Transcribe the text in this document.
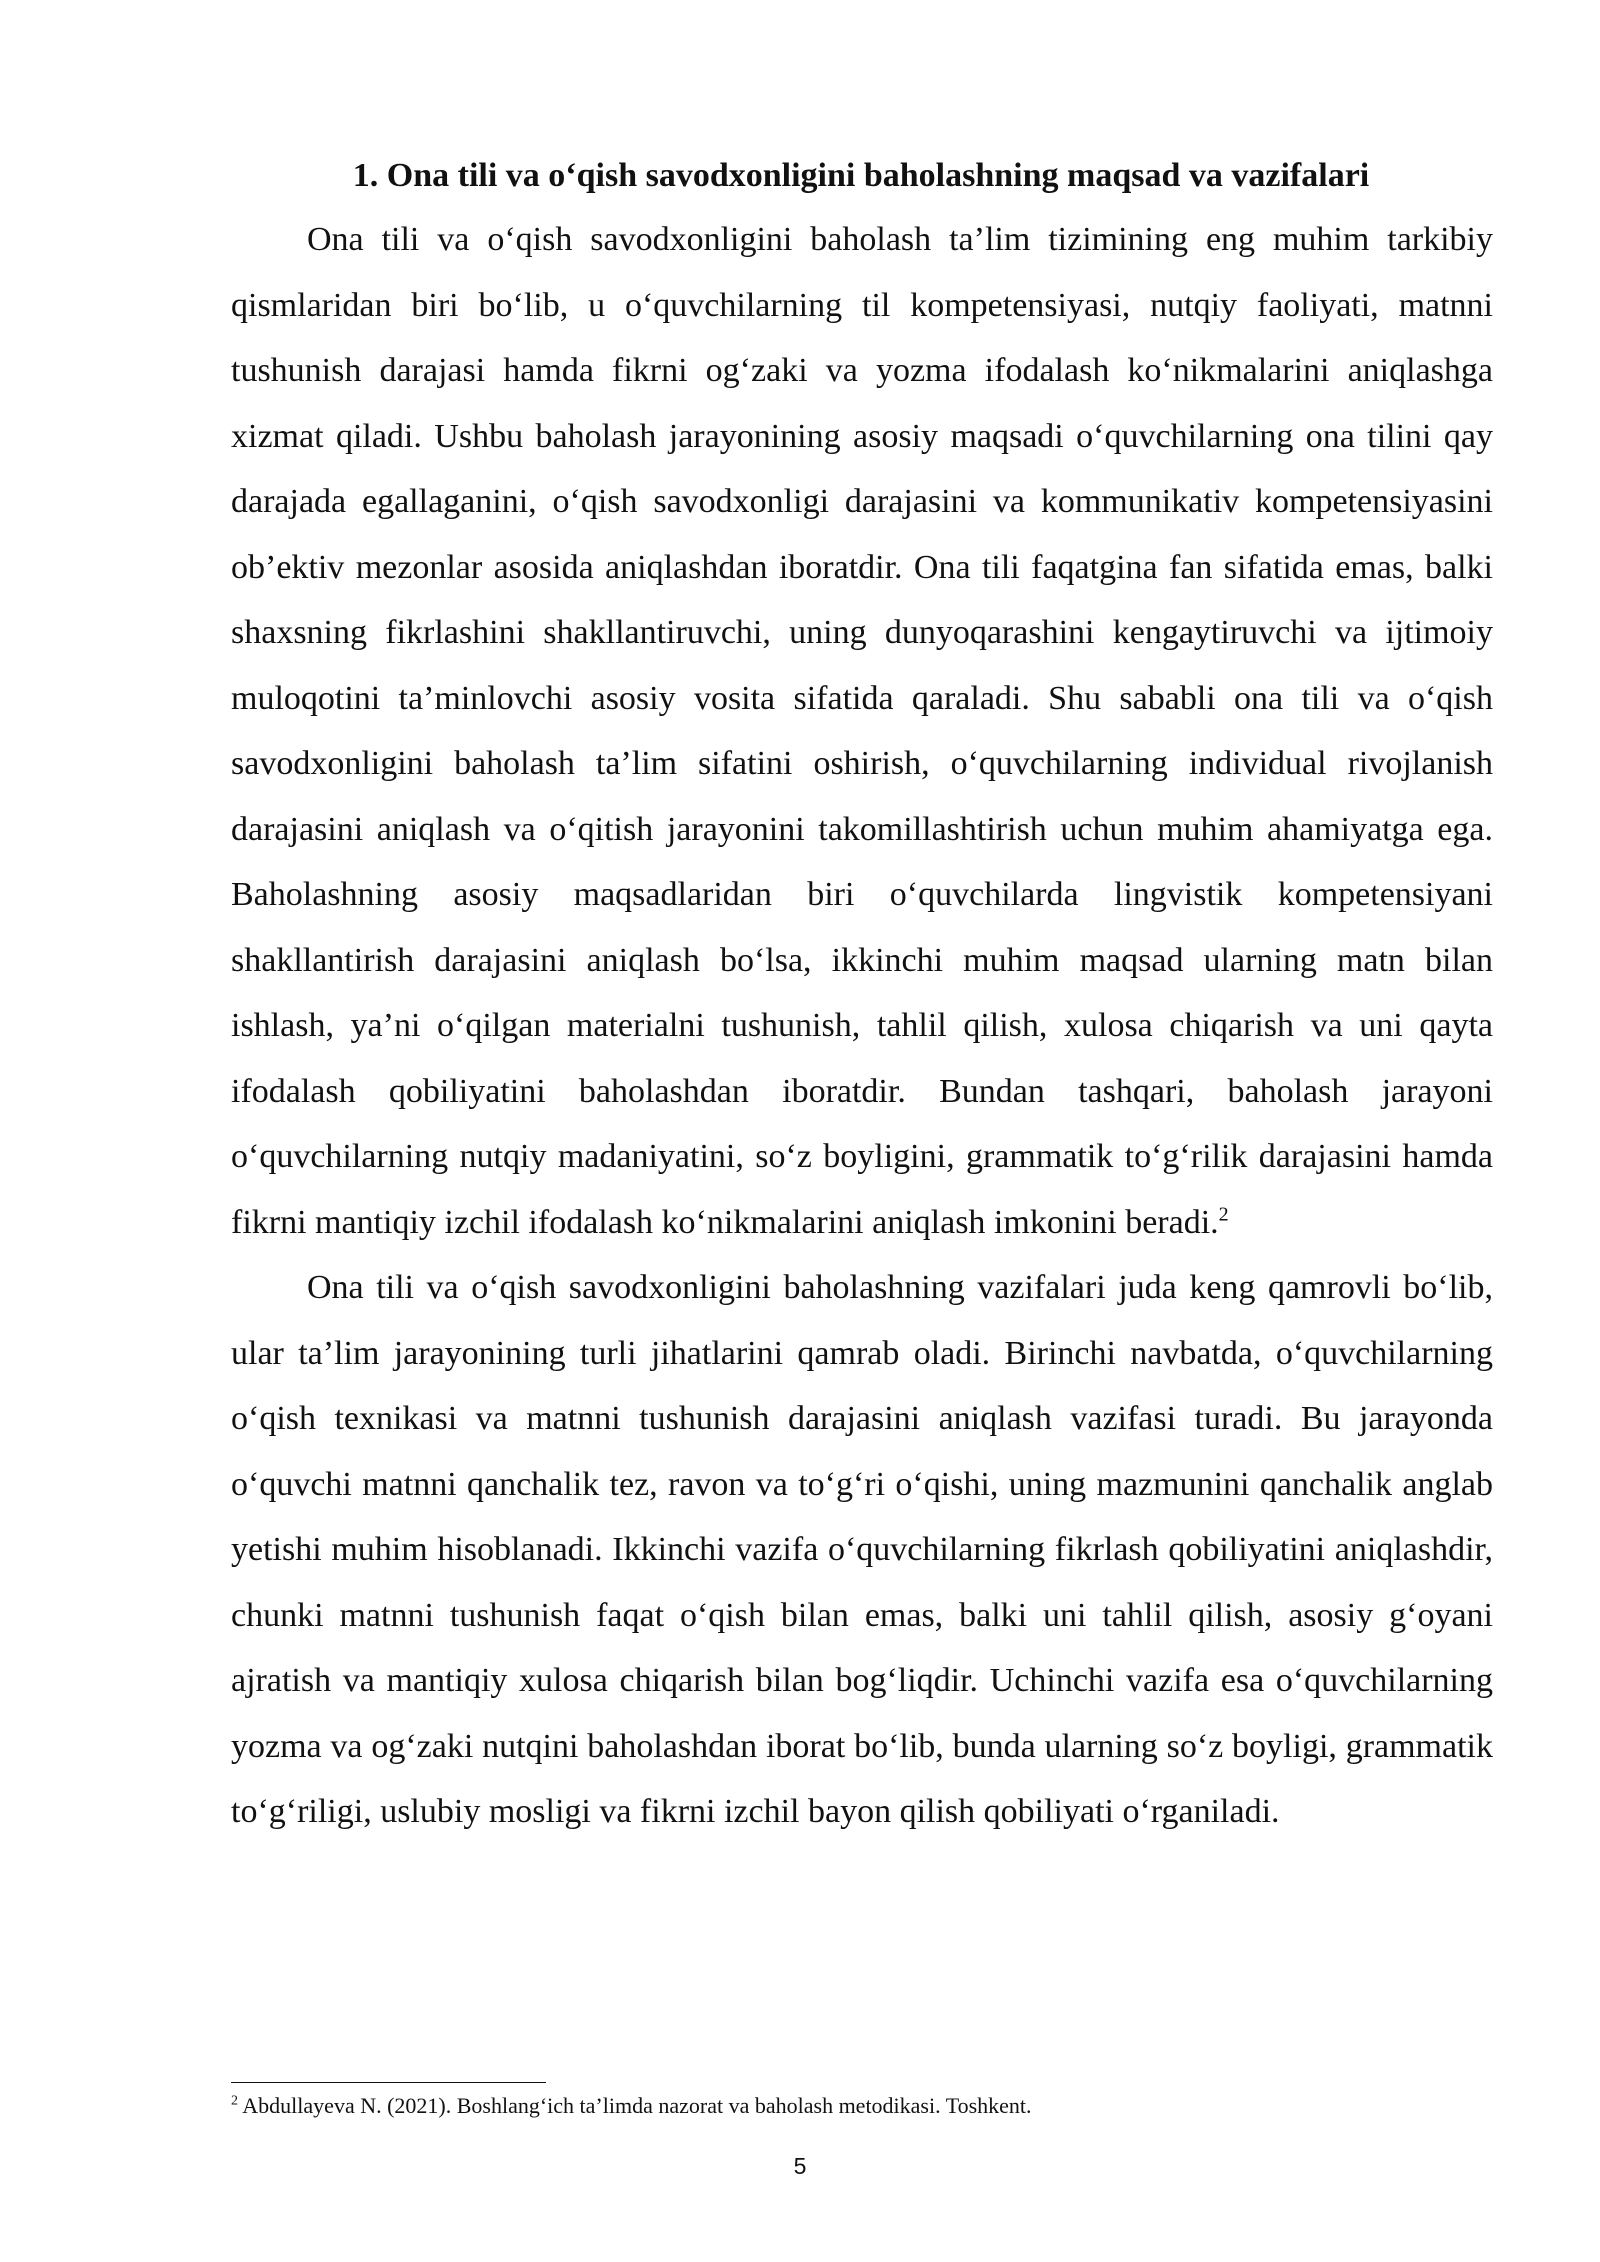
1. Ona tili va o‘qish savodxonligini baholashning maqsad va vazifalari

Ona tili va o‘qish savodxonligini baholash ta’lim tizimining eng muhim tarkibiy qismlaridan biri bo‘lib, u o‘quvchilarning til kompetensiyasi, nutqiy faoliyati, matnni tushunish darajasi hamda fikrni og‘zaki va yozma ifodalash ko‘nikmalarini aniqlashga xizmat qiladi. Ushbu baholash jarayonining asosiy maqsadi o‘quvchilarning ona tilini qay darajada egallaganini, o‘qish savodxonligi darajasini va kommunikativ kompetensiyasini ob’ektiv mezonlar asosida aniqlashdan iboratdir. Ona tili faqatgina fan sifatida emas, balki shaxsning fikrlashini shakllantiruvchi, uning dunyoqarashini kengaytiruvchi va ijtimoiy muloqotini ta’minlovchi asosiy vosita sifatida qaraladi. Shu sababli ona tili va o‘qish savodxonligini baholash ta’lim sifatini oshirish, o‘quvchilarning individual rivojlanish darajasini aniqlash va o‘qitish jarayonini takomillashtirish uchun muhim ahamiyatga ega. Baholashning asosiy maqsadlaridan biri o‘quvchilarda lingvistik kompetensiyani shakllantirish darajasini aniqlash bo‘lsa, ikkinchi muhim maqsad ularning matn bilan ishlash, ya’ni o‘qilgan materialni tushunish, tahlil qilish, xulosa chiqarish va uni qayta ifodalash qobiliyatini baholashdan iboratdir. Bundan tashqari, baholash jarayoni o‘quvchilarning nutqiy madaniyatini, so‘z boyligini, grammatik to‘g‘rilik darajasini hamda fikrni mantiqiy izchil ifodalash ko‘nikmalarini aniqlash imkonini beradi.$^2$

Ona tili va o‘qish savodxonligini baholashning vazifalari juda keng qamrovli bo‘lib, ular ta’lim jarayonining turli jihatlarini qamrab oladi. Birinchi navbatda, o‘quvchilarning o‘qish texnikasi va matnni tushunish darajasini aniqlash vazifasi turadi. Bu jarayonda o‘quvchi matnni qanchalik tez, ravon va to‘g‘ri o‘qishi, uning mazmunini qanchalik anglab yetishi muhim hisoblanadi. Ikkinchi vazifa o‘quvchilarning fikrlash qobiliyatini aniqlashdir, chunki matnni tushunish faqat o‘qish bilan emas, balki uni tahlil qilish, asosiy g‘oyani ajratish va mantiqiy xulosa chiqarish bilan bog‘liqdir. Uchinchi vazifa esa o‘quvchilarning yozma va og‘zaki nutqini baholashdan iborat bo‘lib, bunda ularning so‘z boyligi, grammatik to‘g‘riligi, uslubiy mosligi va fikrni izchil bayon qilish qobiliyati o‘rganiladi.

$^2$ Abdullayeva N. (2021). Boshlang‘ich ta’limda nazorat va baholash metodikasi. Toshkent.
5
